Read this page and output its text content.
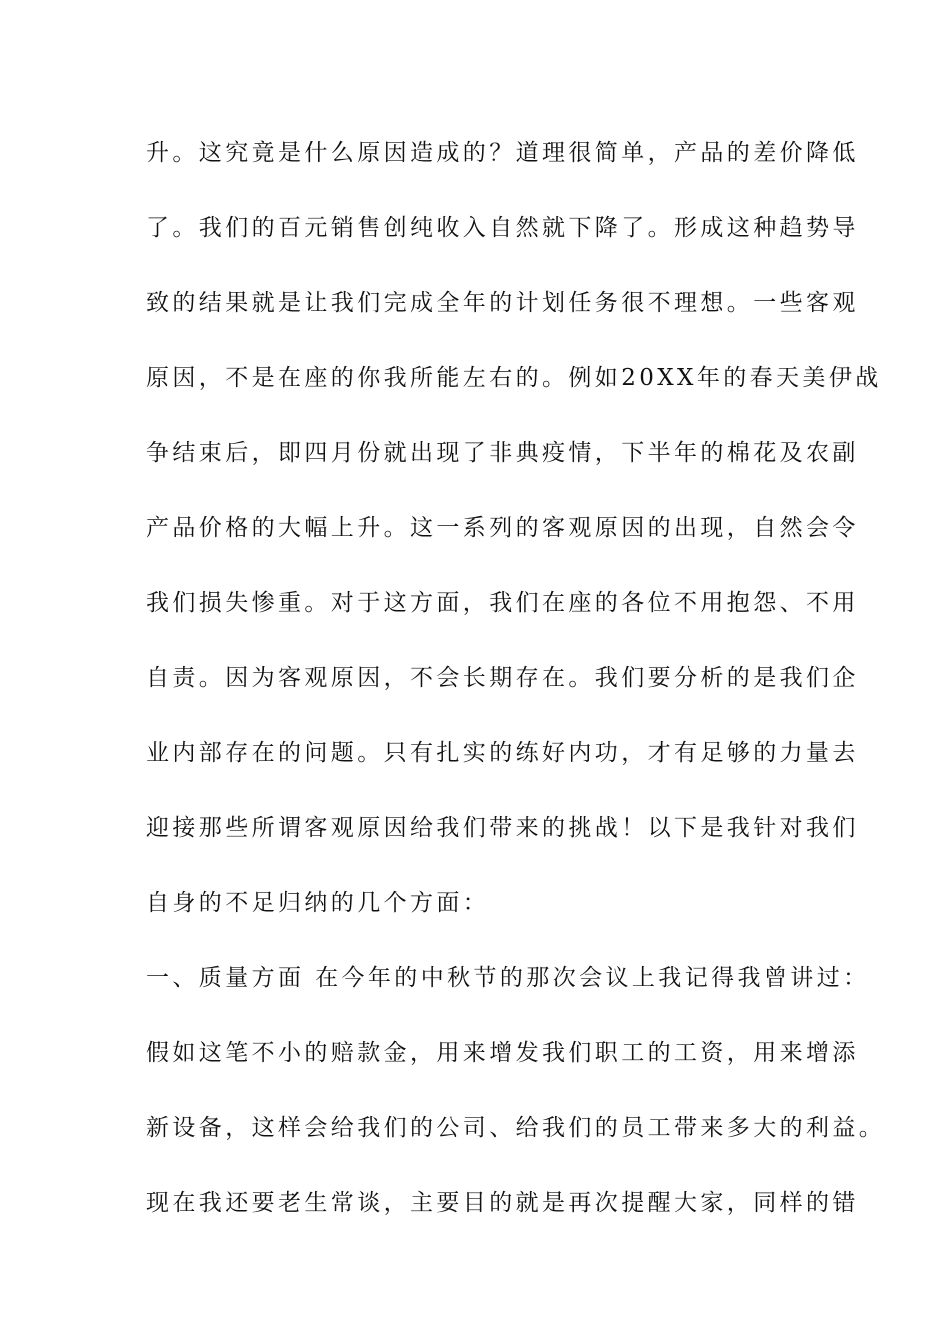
升。这究竟是什么原因造成的？道理很简单，产品的差价降低
了。我们的百元销售创纯收入自然就下降了。形成这种趋势导
致的结果就是让我们完成全年的计划任务很不理想。一些客观
原因，不是在座的你我所能左右的。例如20XX年的春天美伊战
争结束后，即四月份就出现了非典疫情，下半年的棉花及农副
产品价格的大幅上升。这一系列的客观原因的出现，自然会令
我们损失惨重。对于这方面，我们在座的各位不用抱怨、不用
自责。因为客观原因，不会长期存在。我们要分析的是我们企
业内部存在的问题。只有扎实的练好内功，才有足够的力量去
迎接那些所谓客观原因给我们带来的挑战！以下是我针对我们
自身的不足归纳的几个方面：
一、质量方面 在今年的中秋节的那次会议上我记得我曾讲过：
假如这笔不小的赔款金，用来增发我们职工的工资，用来增添
新设备，这样会给我们的公司、给我们的员工带来多大的利益。
现在我还要老生常谈，主要目的就是再次提醒大家，同样的错
